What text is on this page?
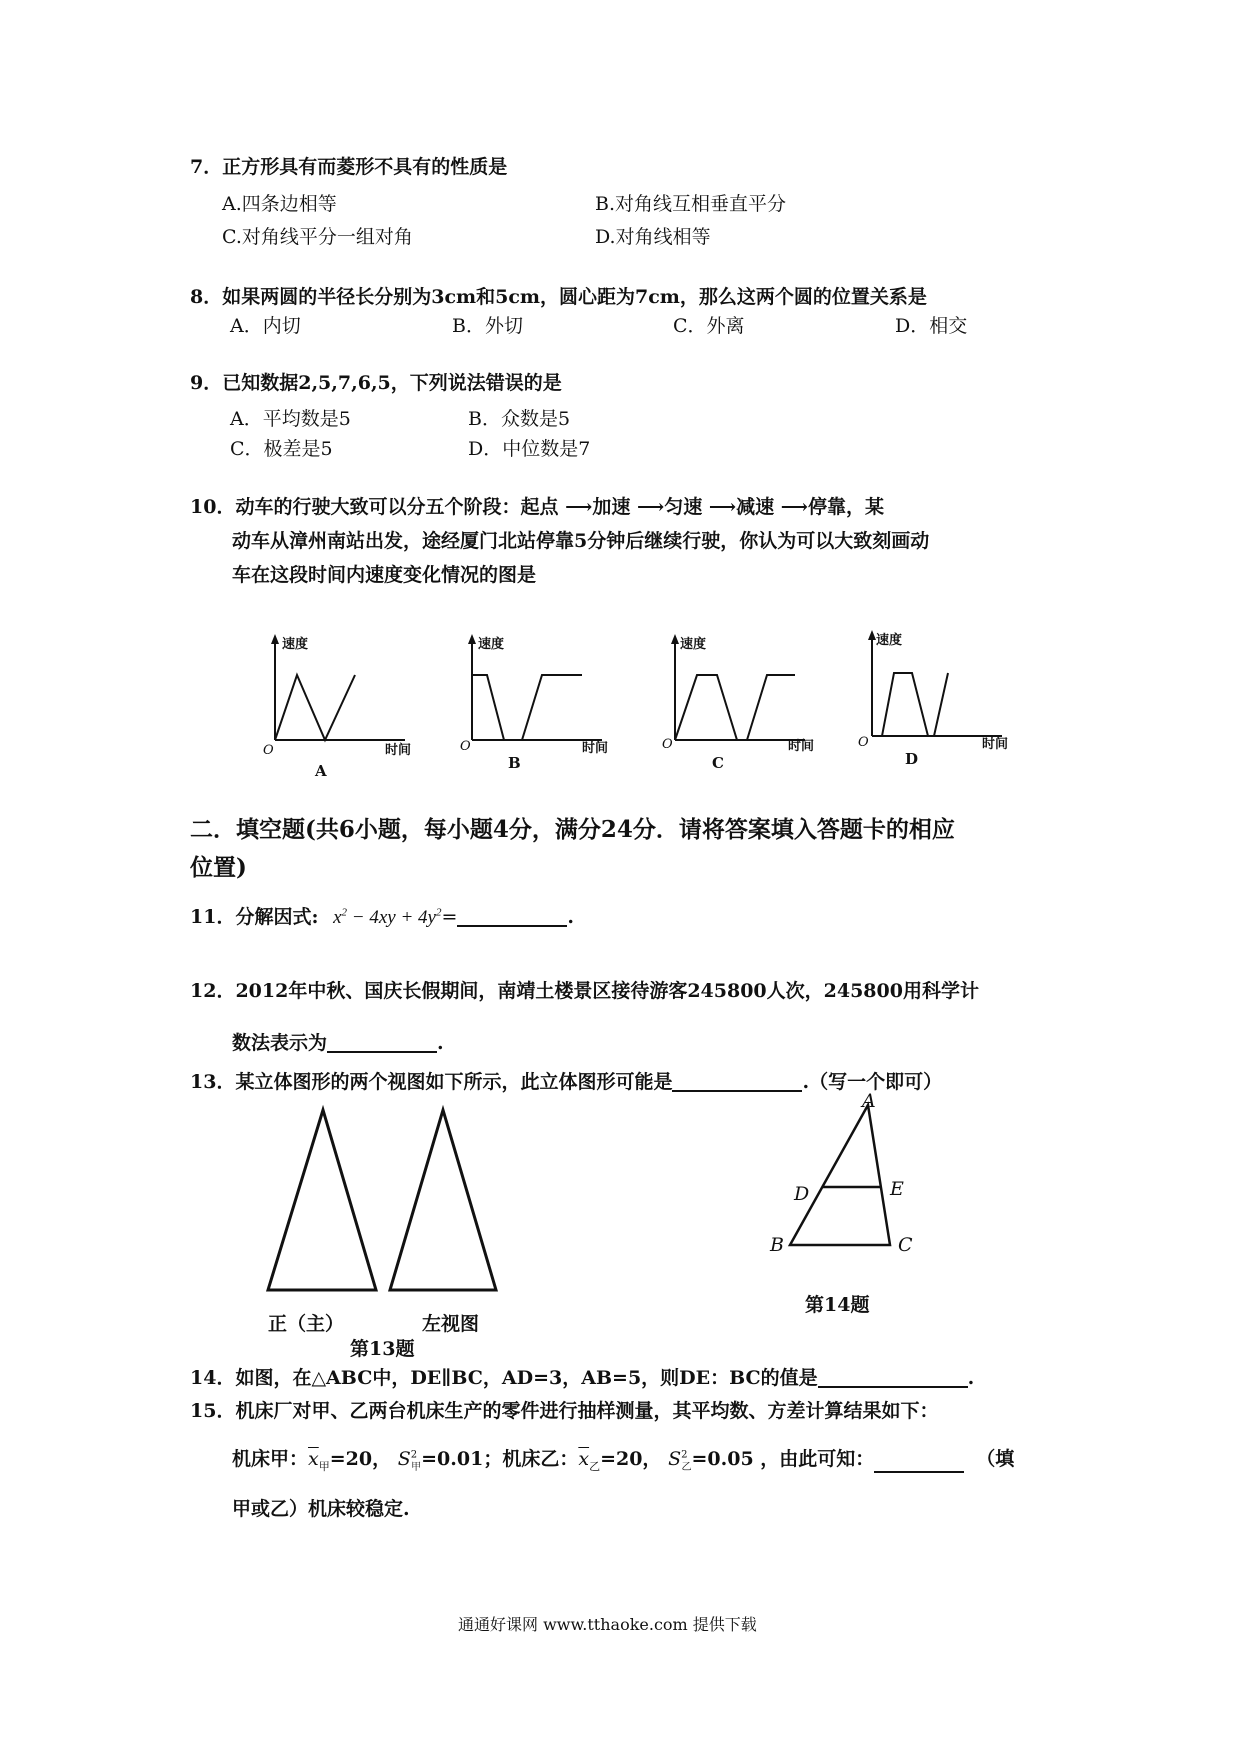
7．正方形具有而菱形不具有的性质是
A.四条边相等	B.对角线互相垂直平分
C.对角线平分一组对角	D.对角线相等
8．如果两圆的半径长分别为3cm和5cm，圆心距为7cm，那么这两个圆的位置关系是
A．内切	B．外切	C．外离	D．相交
9．已知数据2,5,7,6,5，下列说法错误的是
A．平均数是5	B．众数是5
C．极差是5	D．中位数是7
10．动车的行驶大致可以分五个阶段：起点 ⟶加速 ⟶匀速 ⟶减速 ⟶停靠，某
动车从漳州南站出发，途经厦门北站停靠5分钟后继续行驶，你认为可以大致刻画动
车在这段时间内速度变化情况的图是
速度
O	时间
A
速度
O	时间
B
速度
O	时间
C
速度
O	时间
D
二．填空题(共6小题，每小题4分，满分24分．请将答案填入答题卡的相应
位置)
11．分解因式: $x^2 - 4xy + 4y^2=$	.
12．2012年中秋、国庆长假期间，南靖土楼景区接待游客245800人次，245800用科学计
数法表示为	.
13．某立体图形的两个视图如下所示，此立体图形可能是	.（写一个即可）
正（主）	左视图
第13题
A
D	E
B	C
第14题
14．如图，在△ABC中，DE∥BC，AD=3，AB=5，则DE：BC的值是	.
15．机床厂对甲、乙两台机床生产的零件进行抽样测量，其平均数、方差计算结果如下：
机床甲：$\overline{x}_甲=20$， $S^2_甲=0.01$；机床乙：$\overline{x}_乙=20$， $S^2_乙=0.05$ ，由此可知：	（填
甲或乙）机床较稳定.
通通好课网 www.tthaoke.com 提供下载
